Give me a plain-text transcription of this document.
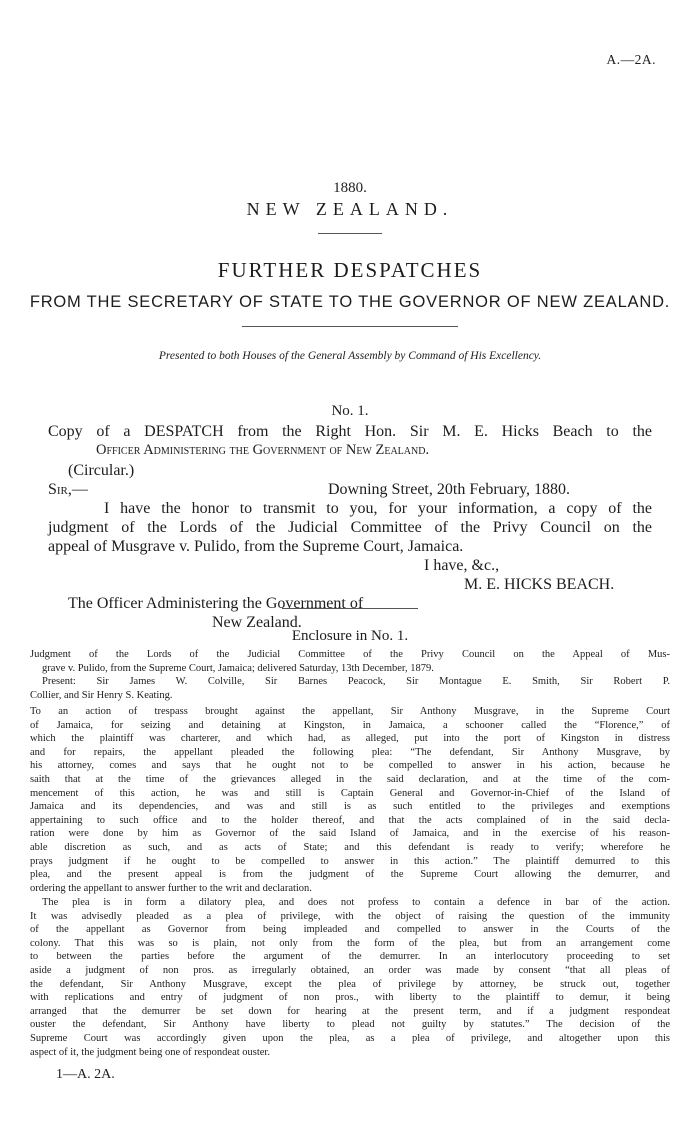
A.—2A.
1880.
NEW ZEALAND.
FURTHER DESPATCHES
FROM THE SECRETARY OF STATE TO THE GOVERNOR OF NEW ZEALAND.
Presented to both Houses of the General Assembly by Command of His Excellency.
No. 1.
Copy of a DESPATCH from the Right Hon. Sir M. E. Hicks Beach to the
Officer Administering the Government of New Zealand.
(Circular.)
Sir,—	Downing Street, 20th February, 1880.
I have the honor to transmit to you, for your information, a copy of the
judgment of the Lords of the Judicial Committee of the Privy Council on the
appeal of Musgrave v. Pulido, from the Supreme Court, Jamaica.
I have, &c.,
M. E. HICKS BEACH.
The Officer Administering the Government of
New Zealand.
Enclosure in No. 1.
Judgment of the Lords of the Judicial Committee of the Privy Council on the Appeal of Mus-
grave v. Pulido, from the Supreme Court, Jamaica; delivered Saturday, 13th December, 1879.
Present: Sir James W. Colville, Sir Barnes Peacock, Sir Montague E. Smith, Sir Robert P.
Collier, and Sir Henry S. Keating.
To an action of trespass brought against the appellant, Sir Anthony Musgrave, in the Supreme Court
of Jamaica, for seizing and detaining at Kingston, in Jamaica, a schooner called the “Florence,” of
which the plaintiff was charterer, and which had, as alleged, put into the port of Kingston in distress
and for repairs, the appellant pleaded the following plea: “The defendant, Sir Anthony Musgrave, by
his attorney, comes and says that he ought not to be compelled to answer in his action, because he
saith that at the time of the grievances alleged in the said declaration, and at the time of the com-
mencement of this action, he was and still is Captain General and Governor-in-Chief of the Island of
Jamaica and its dependencies, and was and still is as such entitled to the privileges and exemptions
appertaining to such office and to the holder thereof, and that the acts complained of in the said decla-
ration were done by him as Governor of the said Island of Jamaica, and in the exercise of his reason-
able discretion as such, and as acts of State; and this defendant is ready to verify; wherefore he
prays judgment if he ought to be compelled to answer in this action.” The plaintiff demurred to this
plea, and the present appeal is from the judgment of the Supreme Court allowing the demurrer, and
ordering the appellant to answer further to the writ and declaration.
The plea is in form a dilatory plea, and does not profess to contain a defence in bar of the action.
It was advisedly pleaded as a plea of privilege, with the object of raising the question of the immunity
of the appellant as Governor from being impleaded and compelled to answer in the Courts of the
colony. That this was so is plain, not only from the form of the plea, but from an arrangement come
to between the parties before the argument of the demurrer. In an interlocutory proceeding to set
aside a judgment of non pros. as irregularly obtained, an order was made by consent “that all pleas of
the defendant, Sir Anthony Musgrave, except the plea of privilege by attorney, be struck out, together
with replications and entry of judgment of non pros., with liberty to the plaintiff to demur, it being
arranged that the demurrer be set down for hearing at the present term, and if a judgment respondeat
ouster the defendant, Sir Anthony have liberty to plead not guilty by statutes.” The decision of the
Supreme Court was accordingly given upon the plea, as a plea of privilege, and altogether upon this
aspect of it, the judgment being one of respondeat ouster.
1—A. 2A.
